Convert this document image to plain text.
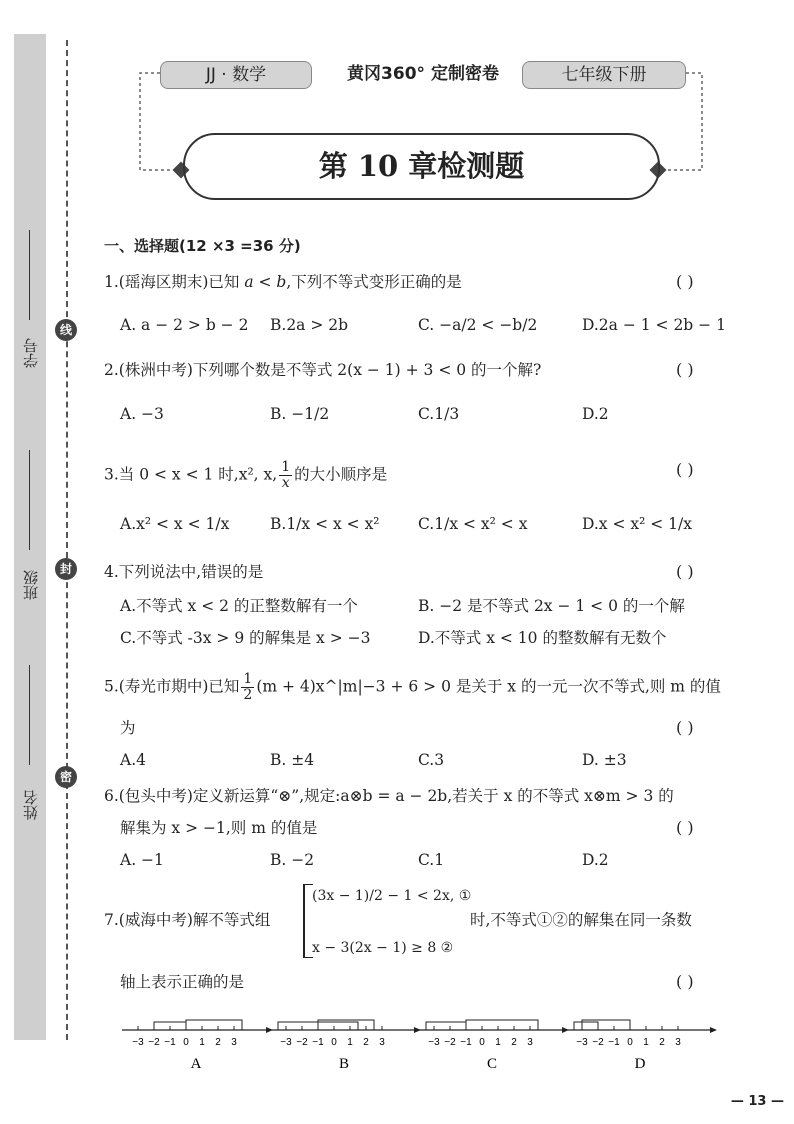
学号
班级
姓名
线
封
密
JJ · 数学	黄冈360° 定制密卷	七年级下册
第 10 章检测题
一、选择题(12 ×3 =36 分)
1.(瑶海区期末)已知 a < b,下列不等式变形正确的是	( )
A. a − 2 > b − 2 B.2a > 2b	C. −a/2 < −b/2	D.2a − 1 < 2b − 1
2.(株洲中考)下列哪个数是不等式 2(x − 1) + 3 < 0 的一个解?	( )
A. −3	B. −1/2	C.1/3	D.2
3.当 0 < x < 1 时,x², x, $\frac{1}{x}$ 的大小顺序是	( )
A.x² < x < 1/x	B.1/x < x < x² C.1/x < x² < x	D.x < x² < 1/x
4.下列说法中,错误的是	( )
A.不等式 x < 2 的正整数解有一个	B. −2 是不等式 2x − 1 < 0 的一个解
C.不等式 -3x > 9 的解集是 x > −3	D.不等式 x < 10 的整数解有无数个
5.(寿光市期中)已知 $\frac{1}{2} (m$ + 4)x^|m|−3 + 6 > 0 是关于 x 的一元一次不等式,则 m 的值
为	( )
A.4	B. ±4	C.3	D. ±3
6.(包头中考)定义新运算“⊗”,规定:a⊗b = a − 2b,若关于 x 的不等式 x⊗m > 3 的
解集为 x > −1,则 m 的值是	( )
A. −1	B. −2	C.1	D.2
7.(威海中考)解不等式组
(3x − 1)/2 − 1 < 2x, ①
x − 3(2x − 1) ≥ 8 ②
时,不等式①②的解集在同一条数
轴上表示正确的是	( )
−3 −2 −1 0 1 2 3
A
−3 −2 −1 0 1 2 3
B
−3 −2 −1 0 1 2 3
C
−3 −2 −1 0 1 2 3
D
— 13 —
